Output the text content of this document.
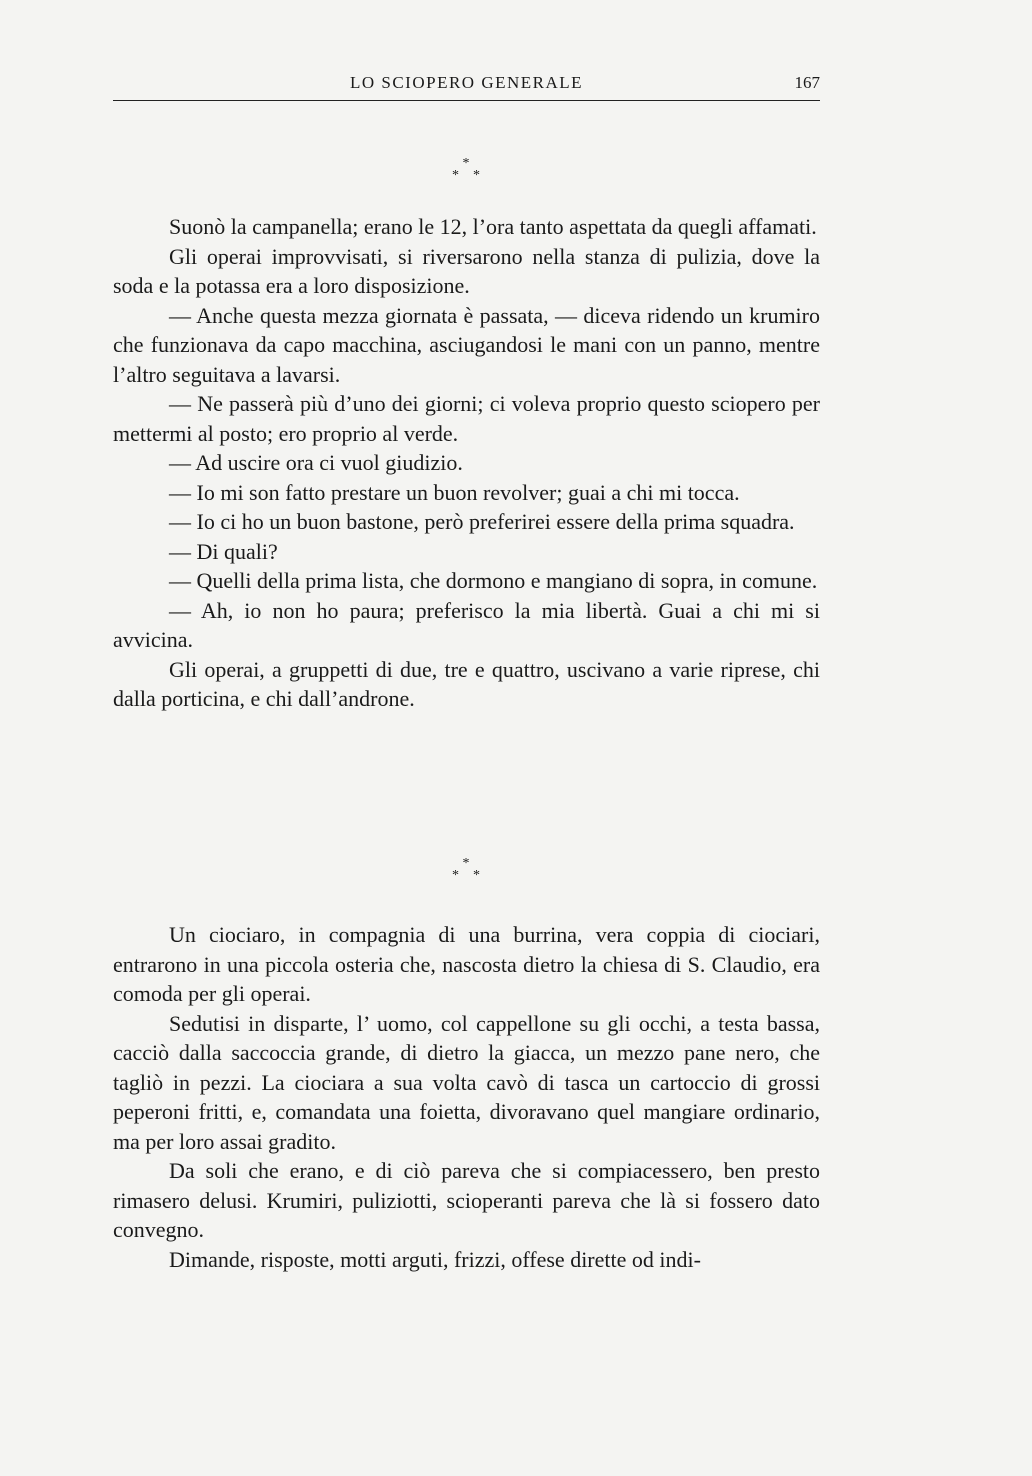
LO SCIOPERO GENERALE	167
*
* *

Suonò la campanella; erano le 12, l’ora tanto aspettata da quegli affamati.

Gli operai improvvisati, si riversarono nella stanza di pulizia, dove la soda e la potassa era a loro disposizione.

— Anche questa mezza giornata è passata, — diceva ridendo un krumiro che funzionava da capo macchina, asciugandosi le mani con un panno, mentre l’altro seguitava a lavarsi.

— Ne passerà più d’uno dei giorni; ci voleva proprio questo sciopero per mettermi al posto; ero proprio al verde.

— Ad uscire ora ci vuol giudizio.

— Io mi son fatto prestare un buon revolver; guai a chi mi tocca.

— Io ci ho un buon bastone, però preferirei essere della prima squadra.

— Di quali?

— Quelli della prima lista, che dormono e mangiano di sopra, in comune.

— Ah, io non ho paura; preferisco la mia libertà. Guai a chi mi si avvicina.

Gli operai, a gruppetti di due, tre e quattro, uscivano a varie riprese, chi dalla porticina, e chi dall’androne.

*
* *

Un ciociaro, in compagnia di una burrina, vera coppia di ciociari, entrarono in una piccola osteria che, nascosta dietro la chiesa di S. Claudio, era comoda per gli operai.

Sedutisi in disparte, l’ uomo, col cappellone su gli occhi, a testa bassa, cacciò dalla saccoccia grande, di dietro la giacca, un mezzo pane nero, che tagliò in pezzi. La ciociara a sua volta cavò di tasca un cartoccio di grossi peperoni fritti, e, comandata una foietta, divoravano quel mangiare ordinario, ma per loro assai gradito.

Da soli che erano, e di ciò pareva che si compiacessero, ben presto rimasero delusi. Krumiri, puliziotti, scioperanti pareva che là si fossero dato convegno.

Dimande, risposte, motti arguti, frizzi, offese dirette od indi-
